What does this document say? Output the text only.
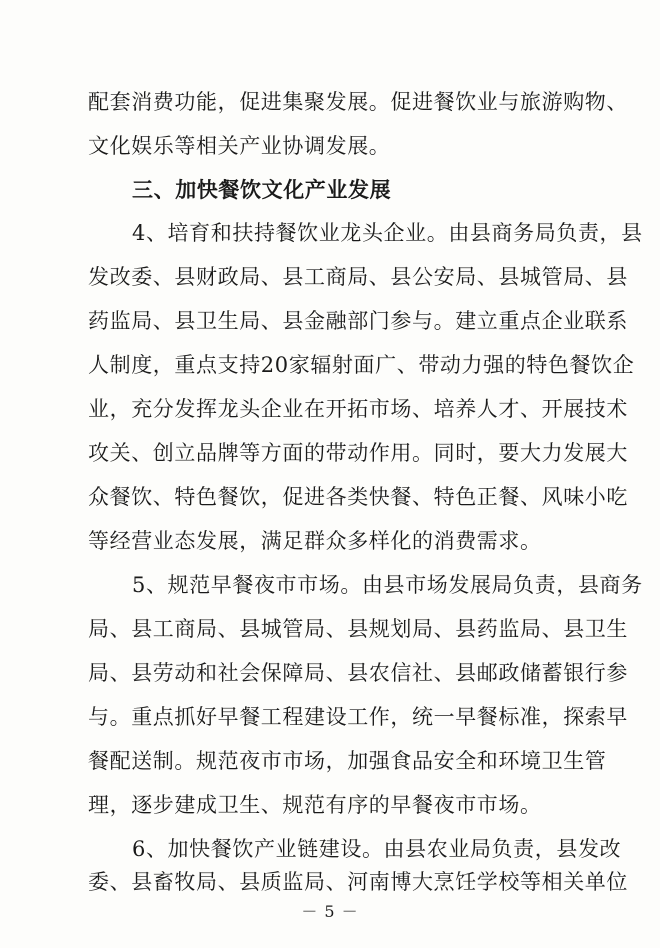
配套消费功能，促进集聚发展。促进餐饮业与旅游购物、
文化娱乐等相关产业协调发展。
三、加快餐饮文化产业发展
4、培育和扶持餐饮业龙头企业。由县商务局负责，县
发改委、县财政局、县工商局、县公安局、县城管局、县
药监局、县卫生局、县金融部门参与。建立重点企业联系
人制度，重点支持20家辐射面广、带动力强的特色餐饮企
业，充分发挥龙头企业在开拓市场、培养人才、开展技术
攻关、创立品牌等方面的带动作用。同时，要大力发展大
众餐饮、特色餐饮，促进各类快餐、特色正餐、风味小吃
等经营业态发展，满足群众多样化的消费需求。
5、规范早餐夜市市场。由县市场发展局负责，县商务
局、县工商局、县城管局、县规划局、县药监局、县卫生
局、县劳动和社会保障局、县农信社、县邮政储蓄银行参
与。重点抓好早餐工程建设工作，统一早餐标准，探索早
餐配送制。规范夜市市场，加强食品安全和环境卫生管
理，逐步建成卫生、规范有序的早餐夜市市场。
6、加快餐饮产业链建设。由县农业局负责，县发改
委、县畜牧局、县质监局、河南博大烹饪学校等相关单位
－ 5 －
